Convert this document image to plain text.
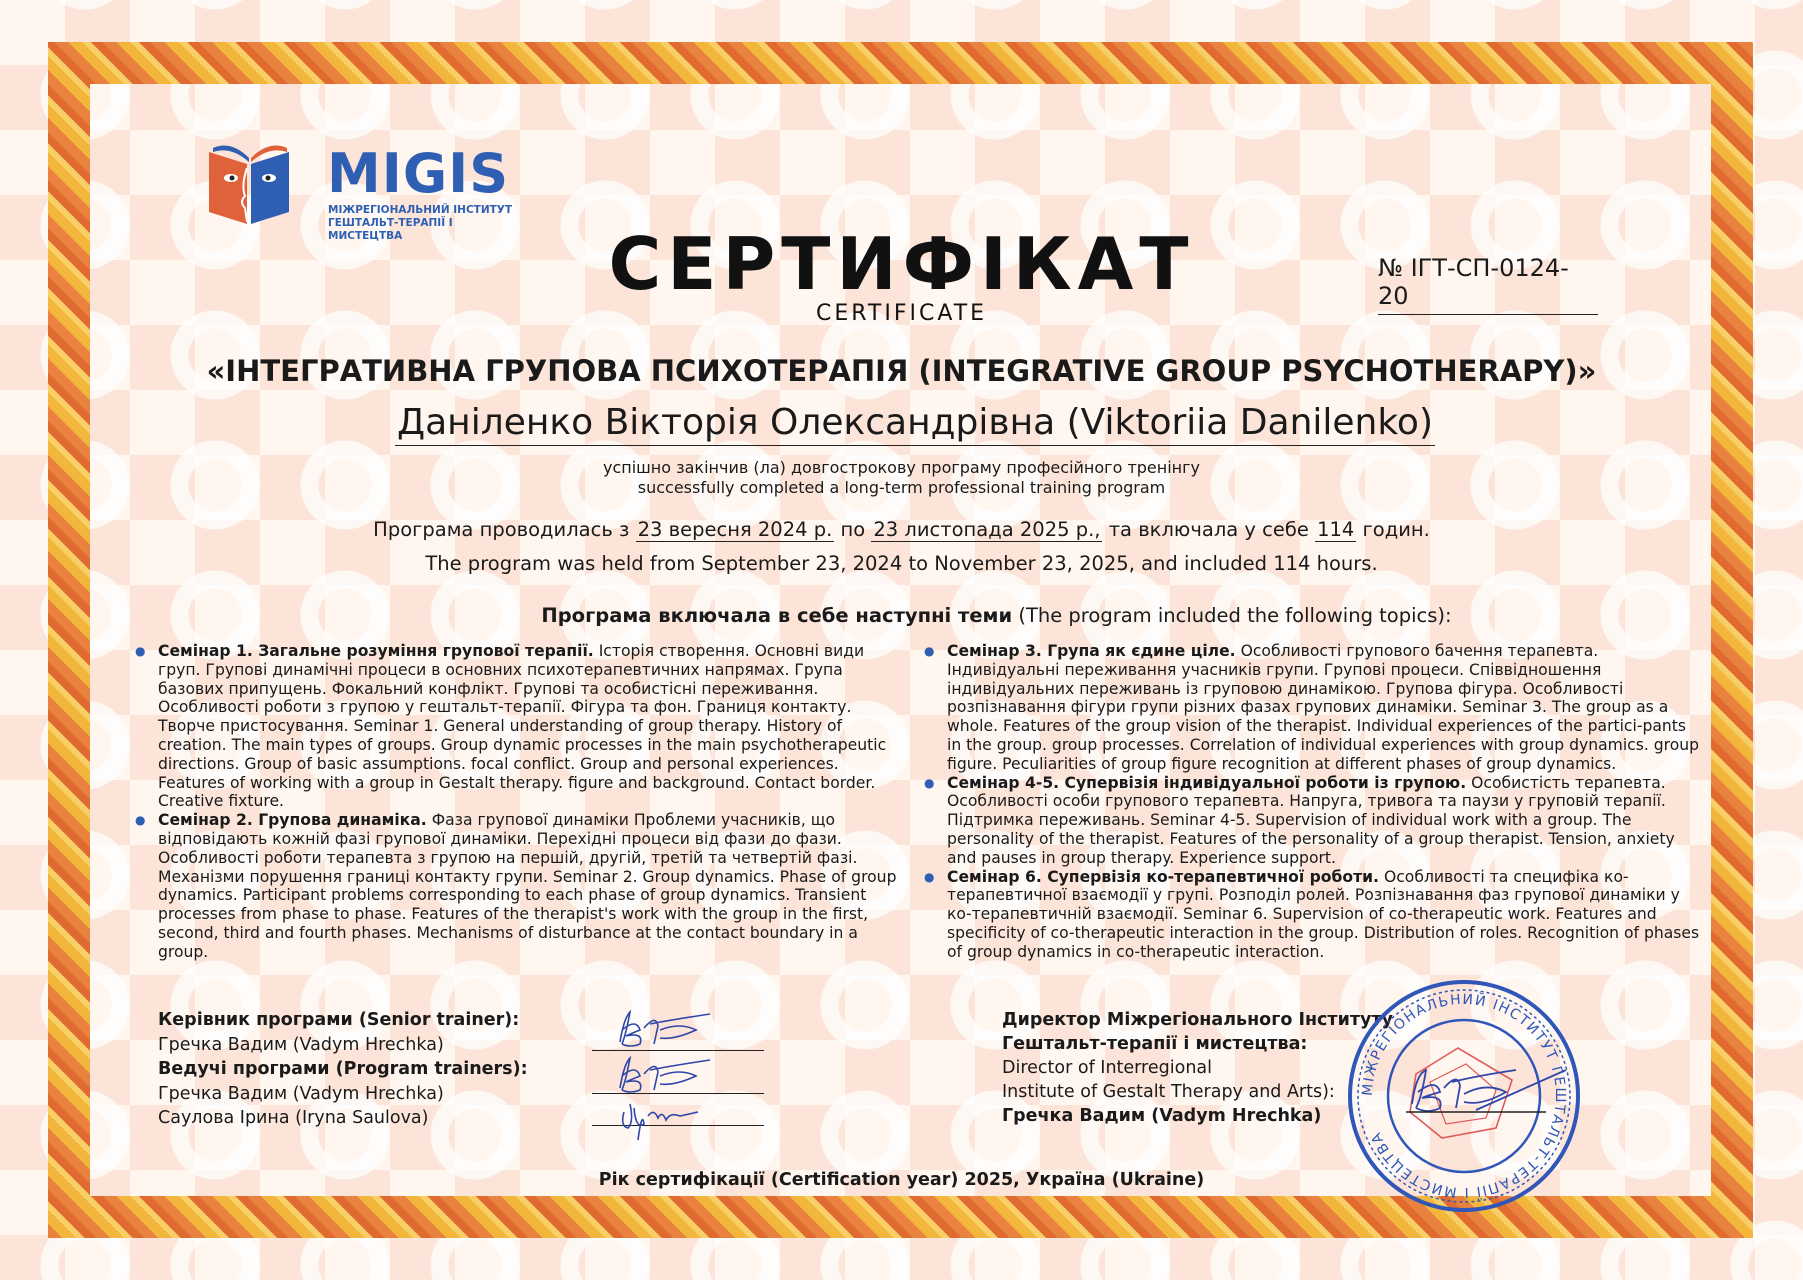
MIGIS
МІЖРЕГІОНАЛЬНИЙ ІНСТИТУТ
ГЕШТАЛЬТ-ТЕРАПІЇ І МИСТЕЦТВА	СЕРТИФІКАТ
CERTIFICATE
№ ІГТ-СП-0124-20
«ІНТЕГРАТИВНА ГРУПОВА ПСИХОТЕРАПІЯ (INTEGRATIVE GROUP PSYCHOTHERAPY)»
Даніленко Вікторія Олександрівна (Viktoriia Danilenko)
успішно закінчив (ла) довгострокову програму професійного тренінгу
successfully completed a long-term professional training program
Програма проводилась з 23 вересня 2024 р. по 23 листопада 2025 р., та включала у себе 114 годин.
The program was held from September 23, 2024 to November 23, 2025, and included 114 hours.
Програма включала в себе наступні теми (The program included the following topics):
● Семінар 1. Загальне розуміння групової терапії. Історія створення. Основні види груп. Групові динамічні процеси в основних психотерапевтичних напрямах. Група базових припущень. Фокальний конфлікт. Групові та особистісні переживання. Особливості роботи з групою у гештальт-терапії. Фігура та фон. Границя контакту. Творче пристосування. Seminar 1. General understanding of group therapy. History of creation. The main types of groups. Group dynamic processes in the main psychotherapeutic directions. Group of basic assumptions. focal conflict. Group and personal experiences. Features of working with a group in Gestalt therapy. figure and background. Contact border. Creative fixture.
● Семінар 2. Групова динаміка. Фаза групової динаміки Проблеми учасників, що відповідають кожній фазі групової динаміки. Перехідні процеси від фази до фази. Особливості роботи терапевта з групою на першій, другій, третій та четвертій фазі. Механізми порушення границі контакту групи. Seminar 2. Group dynamics. Phase of group dynamics. Participant problems corresponding to each phase of group dynamics. Transient processes from phase to phase. Features of the therapist's work with the group in the first, second, third and fourth phases. Mechanisms of disturbance at the contact boundary in a group.
● Семінар 3. Група як єдине ціле. Особливості групового бачення терапевта. Індивідуальні переживання учасників групи. Групові процеси. Співвідношення індивідуальних переживань із груповою динамікою. Групова фігура. Особливості розпізнавання фігури групи різних фазах групових динаміки. Seminar 3. The group as a whole. Features of the group vision of the therapist. Individual experiences of the partici-pants in the group. group processes. Correlation of individual experiences with group dynamics. group figure. Peculiarities of group figure recognition at different phases of group dynamics.
● Семінар 4-5. Супервізія індивідуальної роботи із групою. Особистість терапевта. Особливості особи групового терапевта. Напруга, тривога та паузи у груповій терапії. Підтримка переживань. Seminar 4-5. Supervision of individual work with a group. The personality of the therapist. Features of the personality of a group therapist. Tension, anxiety and pauses in group therapy. Experience support.
● Семінар 6. Супервізія ко-терапевтичної роботи. Особливості та специфіка ко-терапевтичної взаємодії у групі. Розподіл ролей. Розпізнавання фаз групової динаміки у ко-терапевтичній взаємодії. Seminar 6. Supervision of co-therapeutic work. Features and specificity of co-therapeutic interaction in the group. Distribution of roles. Recognition of phases of group dynamics in co-therapeutic interaction.
Керівник програми (Senior trainer):
Гречка Вадим (Vadym Hrechka)
Ведучі програми (Program trainers):
Гречка Вадим (Vadym Hrechka)
Саулова Ірина (Iryna Saulova)
Директор Міжрегіонального Інституту
Гештальт-терапії і мистецтва:
Director of Interregional
Institute of Gestalt Therapy and Arts):
Гречка Вадим (Vadym Hrechka)
МІЖРЕГІОНАЛЬНИЙ ІНСТИТУТ ГЕШТАЛЬТ-ТЕРАПІЇ І МИСТЕЦТВА
Рік сертифікації (Certification year) 2025, Україна (Ukraine)
